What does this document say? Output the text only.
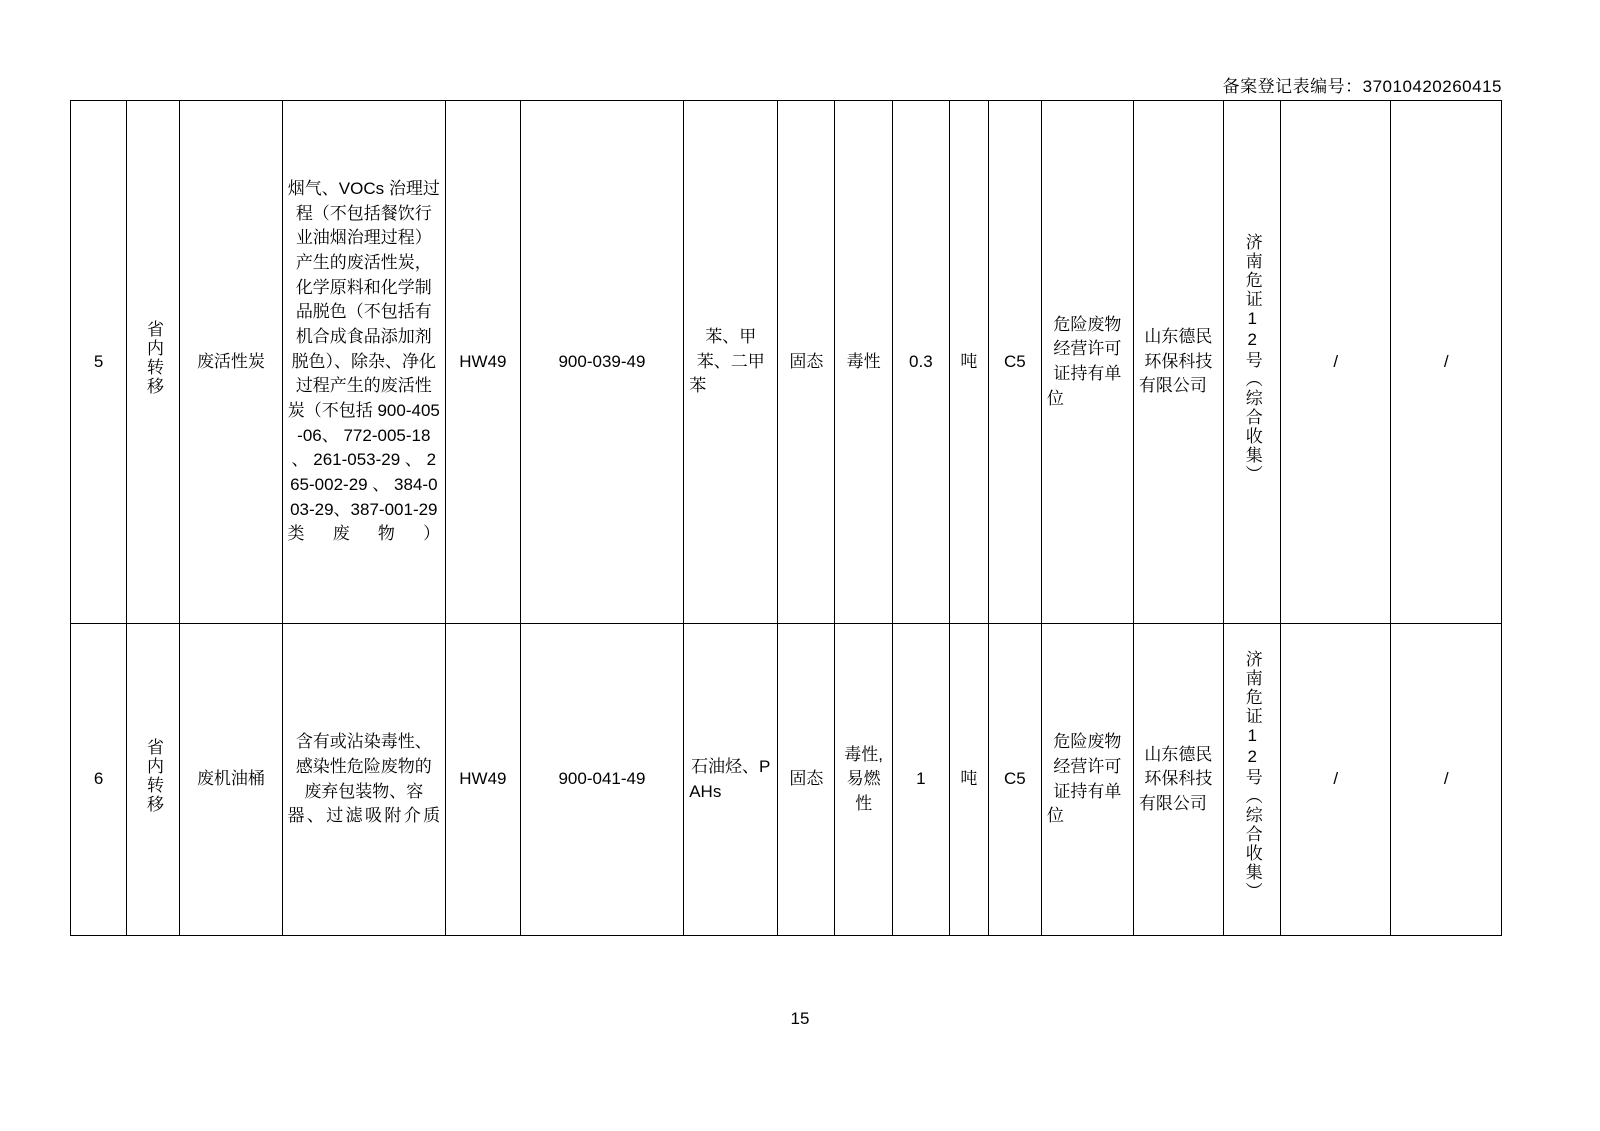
备案登记表编号：37010420260415
5	省内转移	废活性炭	烟气、VOCs 治理过程（不包括餐饮行业油烟治理过程）产生的废活性炭，化学原料和化学制品脱色（不包括有机合成食品添加剂脱色）、除杂、净化过程产生的废活性炭（不包括 900-405-06、 772-005-18 、 261-053-29 、 265-002-29 、 384-003-29、387-001-29 类废物）	HW49	900-039-49	苯、甲苯、二甲苯	固态	毒性	0.3	吨	C5	危险废物经营许可证持有单位	山东德民环保科技有限公司	济南危证12号（综合收集）	/	/
6	省内转移	废机油桶	含有或沾染毒性、感染性危险废物的废弃包装物、容器、过滤吸附介质	HW49	900-041-49	石油烃、PAHs	固态	毒性,易燃性	1	吨	C5	危险废物经营许可证持有单位	山东德民环保科技有限公司	济南危证12号（综合收集）	/	/
15
